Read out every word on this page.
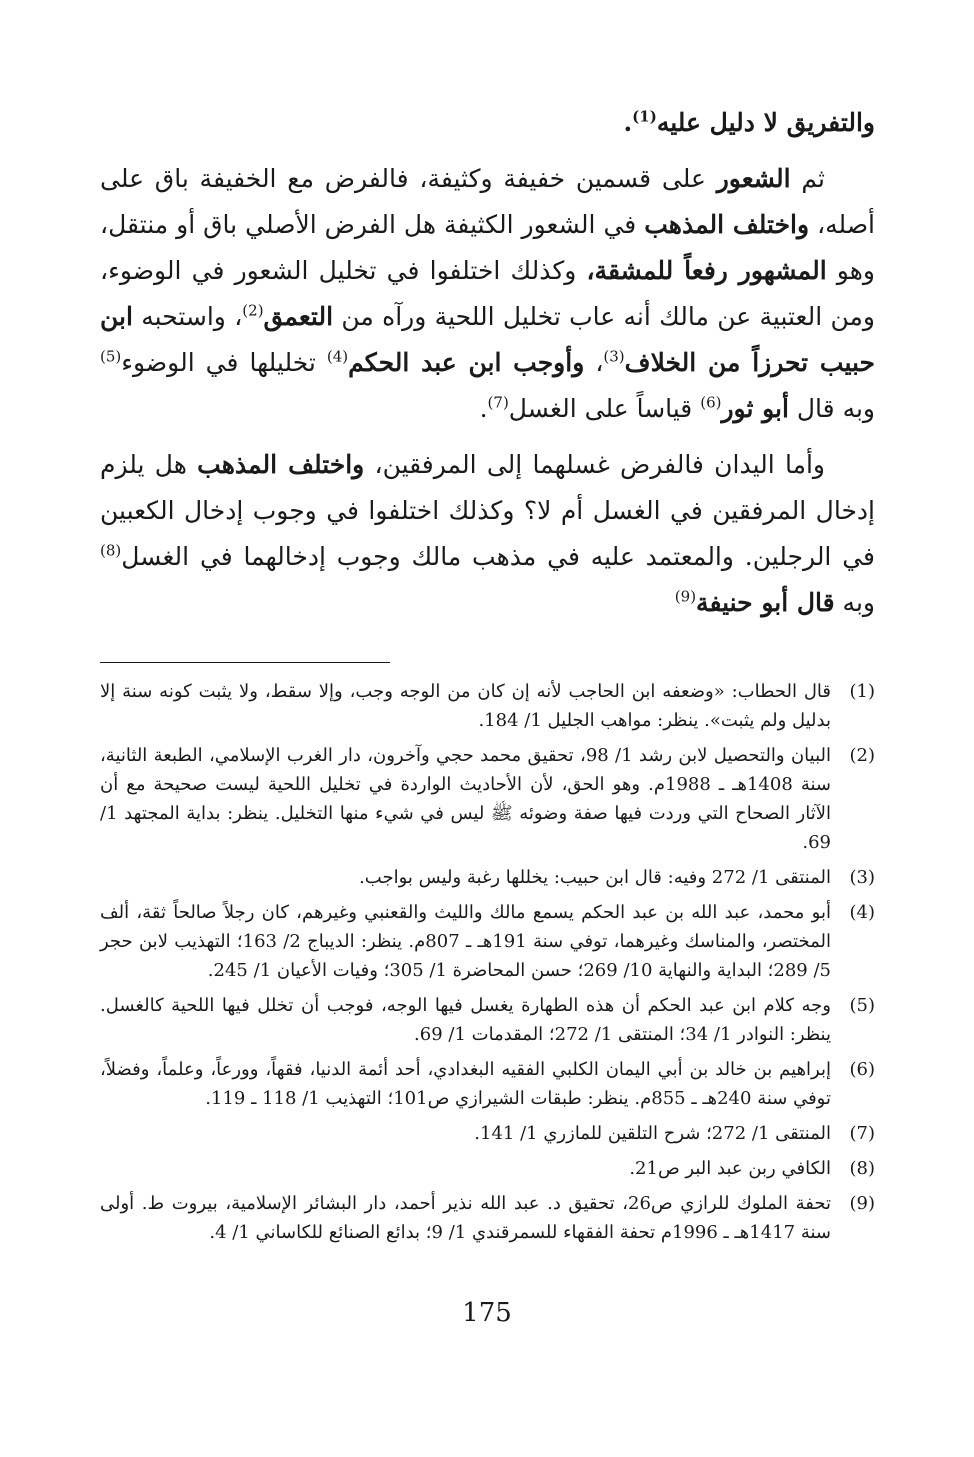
والتفريق لا دليل عليه$^{(1)}$.

ثم الشعور على قسمين خفيفة وكثيفة، فالفرض مع الخفيفة باق على أصله، واختلف المذهب في الشعور الكثيفة هل الفرض الأصلي باق أو منتقل، وهو المشهور رفعاً للمشقة، وكذلك اختلفوا في تخليل الشعور في الوضوء، ومن العتبية عن مالك أنه عاب تخليل اللحية ورآه من التعمق$^{(2)}$، واستحبه ابن حبيب تحرزاً من الخلاف$^{(3)}$، وأوجب ابن عبد الحكم$^{(4)}$ تخليلها في الوضوء$^{(5)}$ وبه قال أبو ثور$^{(6)}$ قياساً على الغسل$^{(7)}$.

وأما اليدان فالفرض غسلهما إلى المرفقين، واختلف المذهب هل يلزم إدخال المرفقين في الغسل أم لا؟ وكذلك اختلفوا في وجوب إدخال الكعبين في الرجلين. والمعتمد عليه في مذهب مالك وجوب إدخالهما في الغسل$^{(8)}$ وبه قال أبو حنيفة$^{(9)}$

(1)
قال الحطاب: «وضعفه ابن الحاجب لأنه إن كان من الوجه وجب، وإلا سقط، ولا يثبت كونه سنة إلا بدليل ولم يثبت». ينظر: مواهب الجليل 1/ 184.
(2)
البيان والتحصيل لابن رشد 1/ 98، تحقيق محمد حجي وآخرون، دار الغرب الإسلامي، الطبعة الثانية، سنة 1408هـ ـ 1988م. وهو الحق، لأن الأحاديث الواردة في تخليل اللحية ليست صحيحة مع أن الآثار الصحاح التي وردت فيها صفة وضوئه ﷺ ليس في شيء منها التخليل. ينظر: بداية المجتهد 1/ 69.
(3)
المنتقى 1/ 272 وفيه: قال ابن حبيب: يخللها رغبة وليس بواجب.
(4)
أبو محمد، عبد الله بن عبد الحكم يسمع مالك والليث والقعنبي وغيرهم، كان رجلاً صالحاً ثقة، ألف المختصر، والمناسك وغيرهما، توفي سنة 191هـ ـ 807م. ينظر: الديباج 2/ 163؛ التهذيب لابن حجر 5/ 289؛ البداية والنهاية 10/ 269؛ حسن المحاضرة 1/ 305؛ وفيات الأعيان 1/ 245.
(5)
وجه كلام ابن عبد الحكم أن هذه الطهارة يغسل فيها الوجه، فوجب أن تخلل فيها اللحية كالغسل. ينظر: النوادر 1/ 34؛ المنتقى 1/ 272؛ المقدمات 1/ 69.
(6)
إبراهيم بن خالد بن أبي اليمان الكلبي الفقيه البغدادي، أحد أئمة الدنيا، فقهاً، وورعاً، وعلماً، وفضلاً، توفي سنة 240هـ ـ 855م. ينظر: طبقات الشيرازي ص101؛ التهذيب 1/ 118 ـ 119.
(7)
المنتقى 1/ 272؛ شرح التلقين للمازري 1/ 141.
(8)
الكافي ربن عبد البر ص21.
(9)
تحفة الملوك للرازي ص26، تحقيق د. عبد الله نذير أحمد، دار البشائر الإسلامية، بيروت ط. أولى سنة 1417هـ ـ 1996م تحفة الفقهاء للسمرقندي 1/ 9؛ بدائع الصنائع للكاساني 1/ 4.
175
